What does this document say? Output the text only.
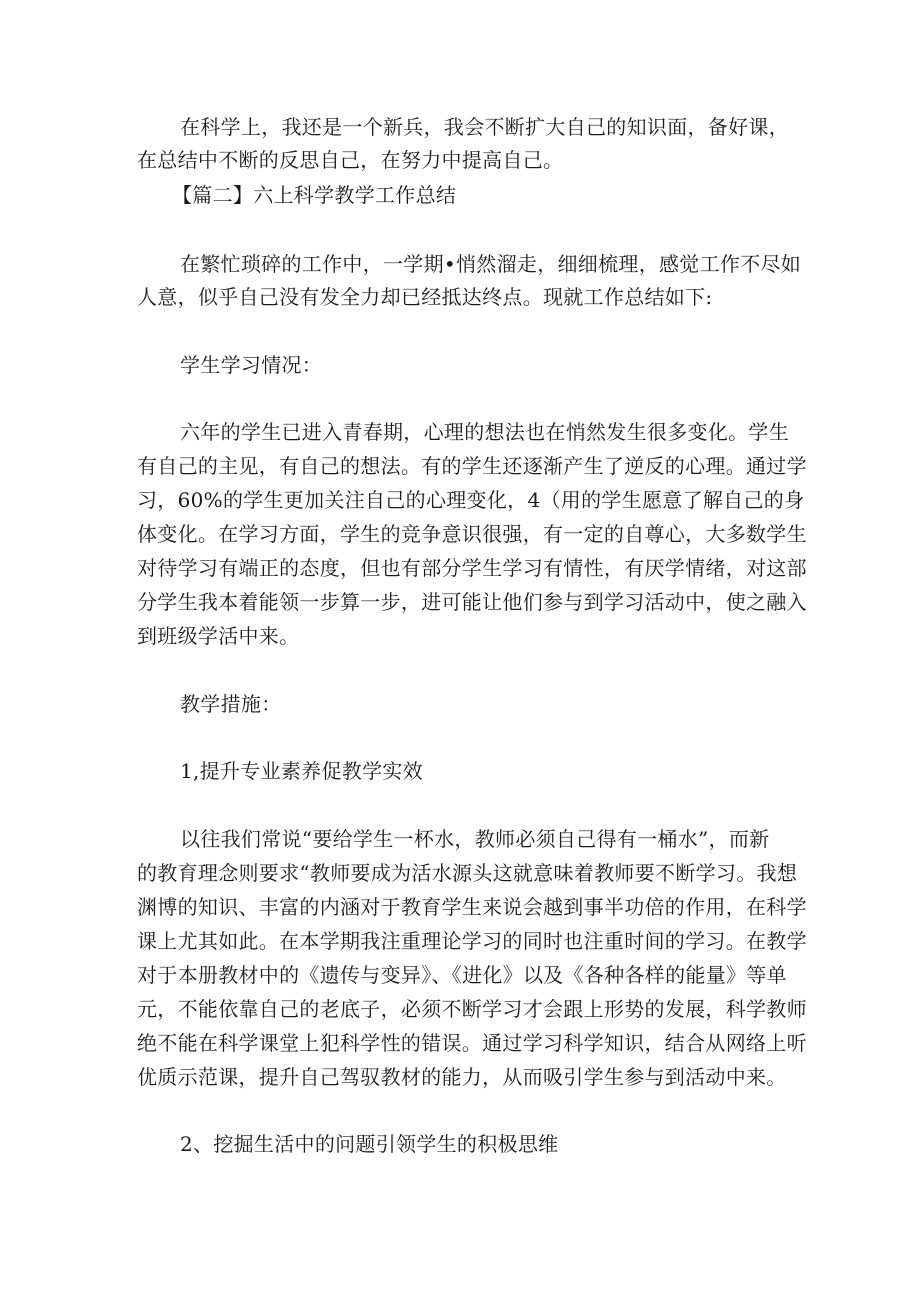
在科学上，我还是一个新兵，我会不断扩大自己的知识面，备好课，
在总结中不断的反思自己，在努力中提高自己。
【篇二】六上科学教学工作总结
在繁忙琐碎的工作中，一学期•悄然溜走，细细梳理，感觉工作不尽如
人意，似乎自己没有发全力却已经抵达终点。现就工作总结如下:
学生学习情况：
六年的学生已进入青春期，心理的想法也在悄然发生很多变化。学生
有自己的主见，有自己的想法。有的学生还逐渐产生了逆反的心理。通过学
习，60%的学生更加关注自己的心理变化，4（用的学生愿意了解自己的身
体变化。在学习方面，学生的竞争意识很强，有一定的自尊心，大多数学生
对待学习有端正的态度，但也有部分学生学习有情性，有厌学情绪，对这部
分学生我本着能领一步算一步，进可能让他们参与到学习活动中，使之融入
到班级学活中来。
教学措施：
1,提升专业素养促教学实效
以往我们常说“要给学生一杯水，教师必须自己得有一桶水”，而新
的教育理念则要求“教师要成为活水源头这就意味着教师要不断学习。我想
渊博的知识、丰富的内涵对于教育学生来说会越到事半功倍的作用，在科学
课上尤其如此。在本学期我注重理论学习的同时也注重时间的学习。在教学
对于本册教材中的《遗传与变异》、《进化》以及《各种各样的能量》等单
元，不能依靠自己的老底子，必须不断学习才会跟上形势的发展，科学教师
绝不能在科学课堂上犯科学性的错误。通过学习科学知识，结合从网络上听
优质示范课，提升自己驾驭教材的能力，从而吸引学生参与到活动中来。
2、挖掘生活中的问题引领学生的积极思维
